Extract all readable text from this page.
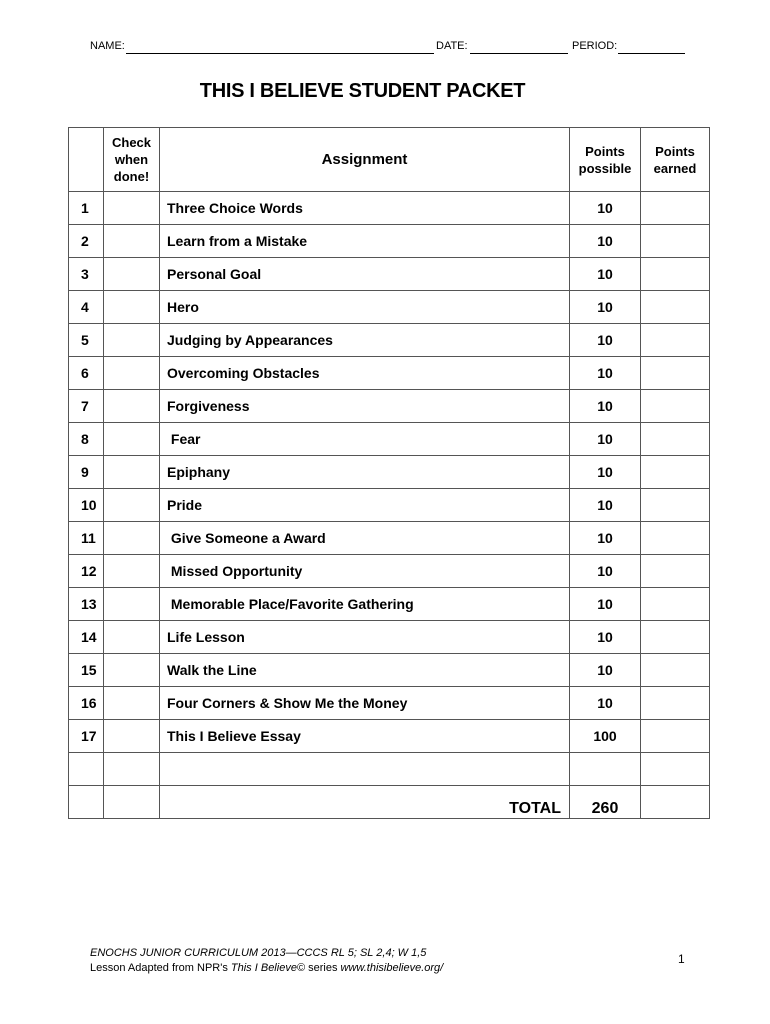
NAME:	DATE:	PERIOD:
THIS I BELIEVE STUDENT PACKET
	Check when done!	Assignment	Points possible	Points earned
1		Three Choice Words	10	
2		Learn from a Mistake	10	
3		Personal Goal	10	
4		Hero	10	
5		Judging by Appearances	10	
6		Overcoming Obstacles	10	
7		Forgiveness	10	
8		Fear	10	
9		Epiphany	10	
10		Pride	10	
11		Give Someone a Award	10	
12		Missed Opportunity	10	
13		Memorable Place/Favorite Gathering	10	
14		Life Lesson	10	
15		Walk the Line	10	
16		Four Corners & Show Me the Money	10	
17		This I Believe Essay	100	

		TOTAL	260	
ENOCHS JUNIOR CURRICULUM 2013—CCCS RL 5; SL 2,4; W 1,5
Lesson Adapted from NPR's This I Believe© series www.thisibelieve.org/
1
